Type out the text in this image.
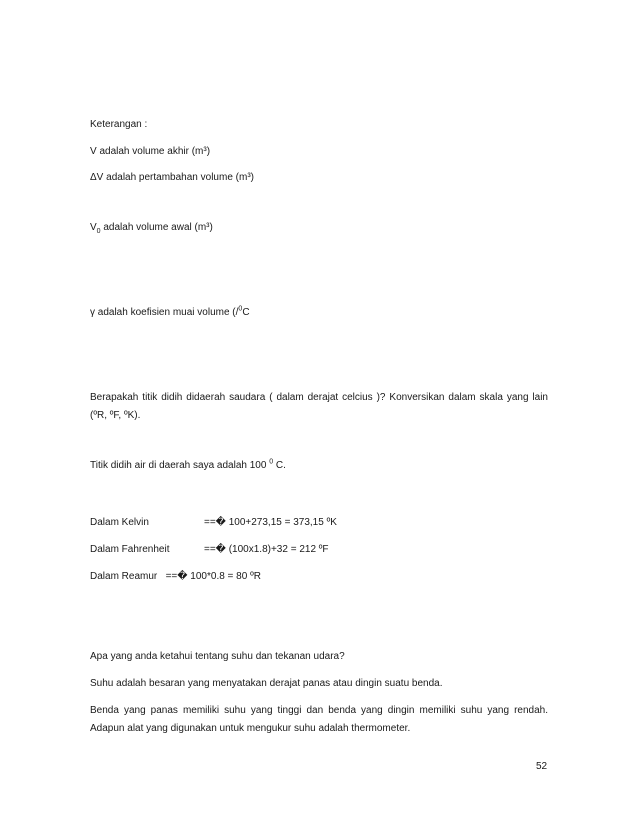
Keterangan :
V adalah volume akhir (m³)
ΔV adalah pertambahan volume (m³)
$V_0$ adalah volume awal (m³)
γ adalah koefisien muai volume (/$^0$C
Berapakah titik didih didaerah saudara ( dalam derajat celcius )? Konversikan dalam skala yang lain (ºR, ºF, ºK).
Titik didih air di daerah saya adalah 100 $^0$ C.
Dalam Kelvin	==� 100+273,15 = 373,15 ºK
Dalam Fahrenheit	==� (100x1.8)+32 = 212 ºF
Dalam Reamur ==� 100*0.8 = 80 ºR
Apa yang anda ketahui tentang suhu dan tekanan udara?
Suhu adalah besaran yang menyatakan derajat panas atau dingin suatu benda.
Benda yang panas memiliki suhu yang tinggi dan benda yang dingin memiliki suhu yang rendah. Adapun alat yang digunakan untuk mengukur suhu adalah thermometer.
52
